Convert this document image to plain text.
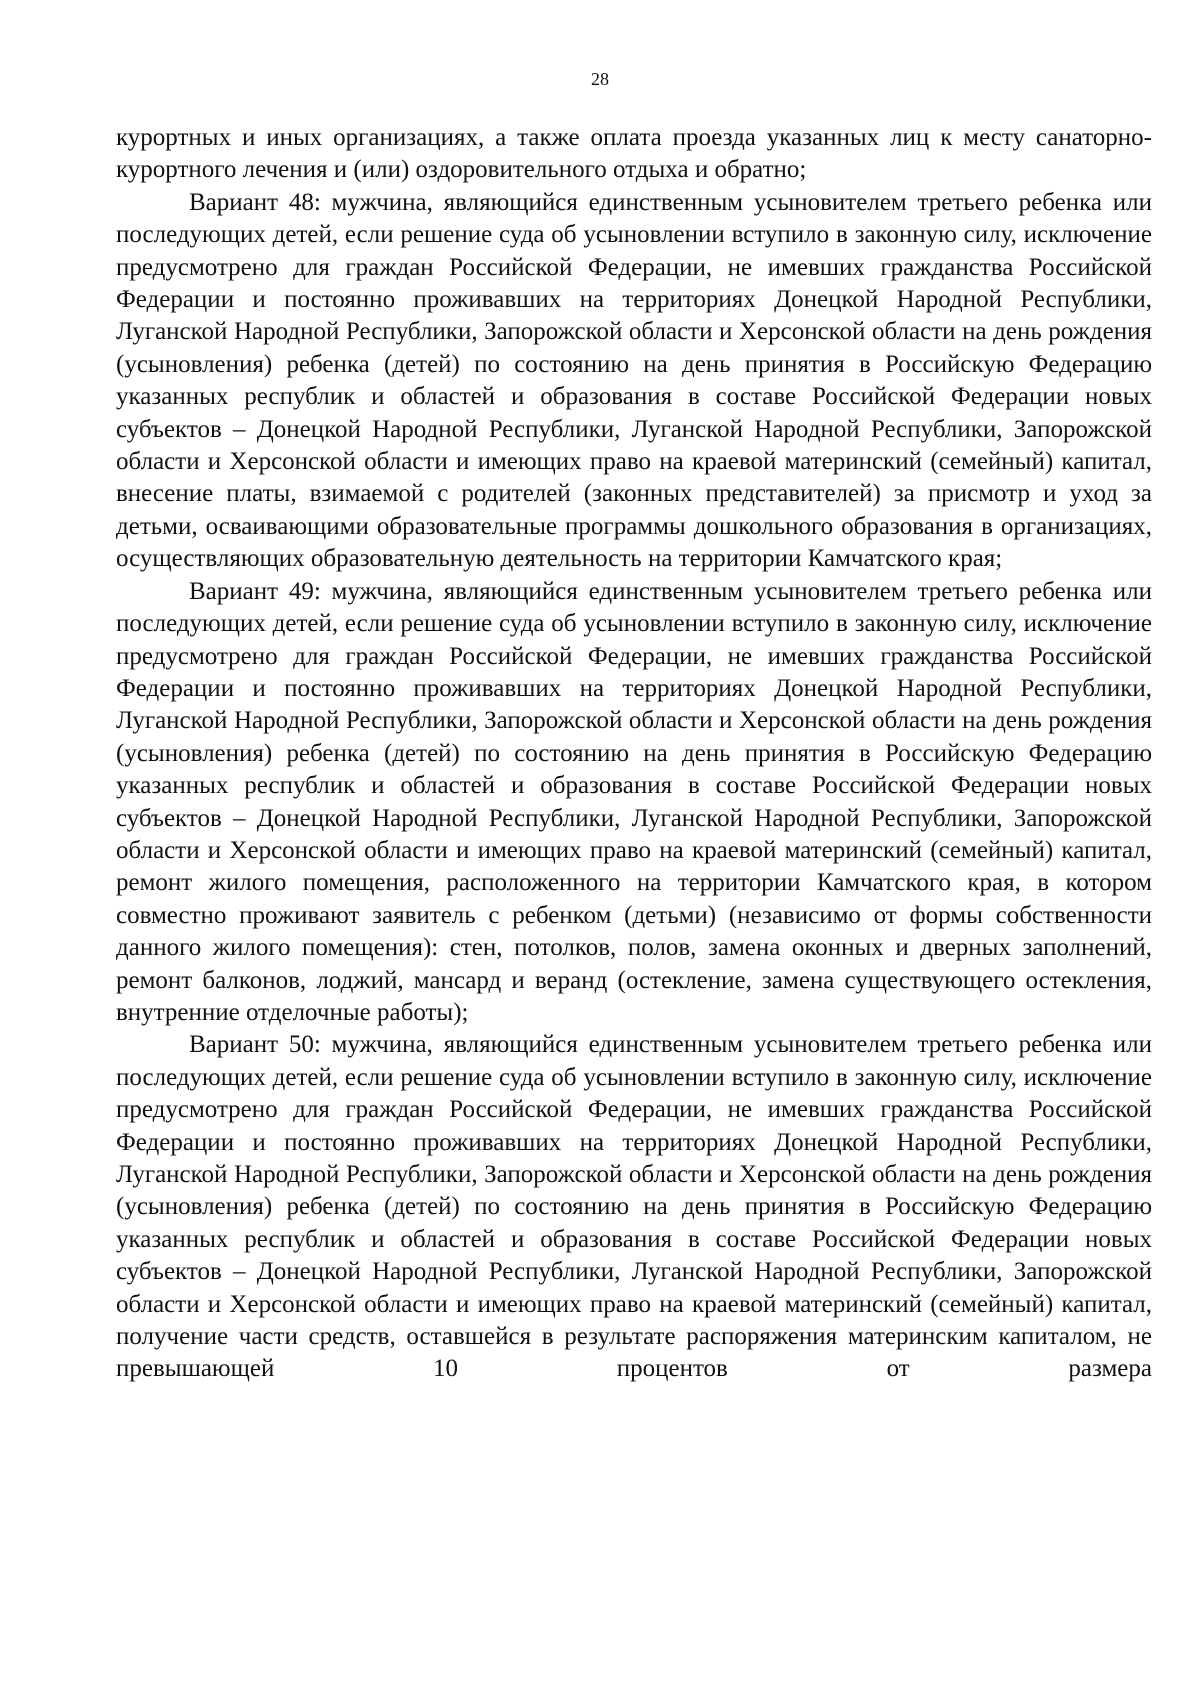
28

курортных и иных организациях, а также оплата проезда указанных лиц к месту санаторно-курортного лечения и (или) оздоровительного отдыха и обратно;

Вариант 48: мужчина, являющийся единственным усыновителем третьего ребенка или последующих детей, если решение суда об усыновлении вступило в законную силу, исключение предусмотрено для граждан Российской Федерации, не имевших гражданства Российской Федерации и постоянно проживавших на территориях Донецкой Народной Республики, Луганской Народной Республики, Запорожской области и Херсонской области на день рождения (усыновления) ребенка (детей) по состоянию на день принятия в Российскую Федерацию указанных республик и областей и образования в составе Российской Федерации новых субъектов – Донецкой Народной Республики, Луганской Народной Республики, Запорожской области и Херсонской области и имеющих право на краевой материнский (семейный) капитал, внесение платы, взимаемой с родителей (законных представителей) за присмотр и уход за детьми, осваивающими образовательные программы дошкольного образования в организациях, осуществляющих образовательную деятельность на территории Камчатского края;

Вариант 49: мужчина, являющийся единственным усыновителем третьего ребенка или последующих детей, если решение суда об усыновлении вступило в законную силу, исключение предусмотрено для граждан Российской Федерации, не имевших гражданства Российской Федерации и постоянно проживавших на территориях Донецкой Народной Республики, Луганской Народной Республики, Запорожской области и Херсонской области на день рождения (усыновления) ребенка (детей) по состоянию на день принятия в Российскую Федерацию указанных республик и областей и образования в составе Российской Федерации новых субъектов – Донецкой Народной Республики, Луганской Народной Республики, Запорожской области и Херсонской области и имеющих право на краевой материнский (семейный) капитал, ремонт жилого помещения, расположенного на территории Камчатского края, в котором совместно проживают заявитель с ребенком (детьми) (независимо от формы собственности данного жилого помещения): стен, потолков, полов, замена оконных и дверных заполнений, ремонт балконов, лоджий, мансард и веранд (остекление, замена существующего остекления, внутренние отделочные работы);

Вариант 50: мужчина, являющийся единственным усыновителем третьего ребенка или последующих детей, если решение суда об усыновлении вступило в законную силу, исключение предусмотрено для граждан Российской Федерации, не имевших гражданства Российской Федерации и постоянно проживавших на территориях Донецкой Народной Республики, Луганской Народной Республики, Запорожской области и Херсонской области на день рождения (усыновления) ребенка (детей) по состоянию на день принятия в Российскую Федерацию указанных республик и областей и образования в составе Российской Федерации новых субъектов – Донецкой Народной Республики, Луганской Народной Республики, Запорожской области и Херсонской области и имеющих право на краевой материнский (семейный) капитал, получение части средств, оставшейся в результате распоряжения материнским капиталом, не превышающей 10 процентов от размера
